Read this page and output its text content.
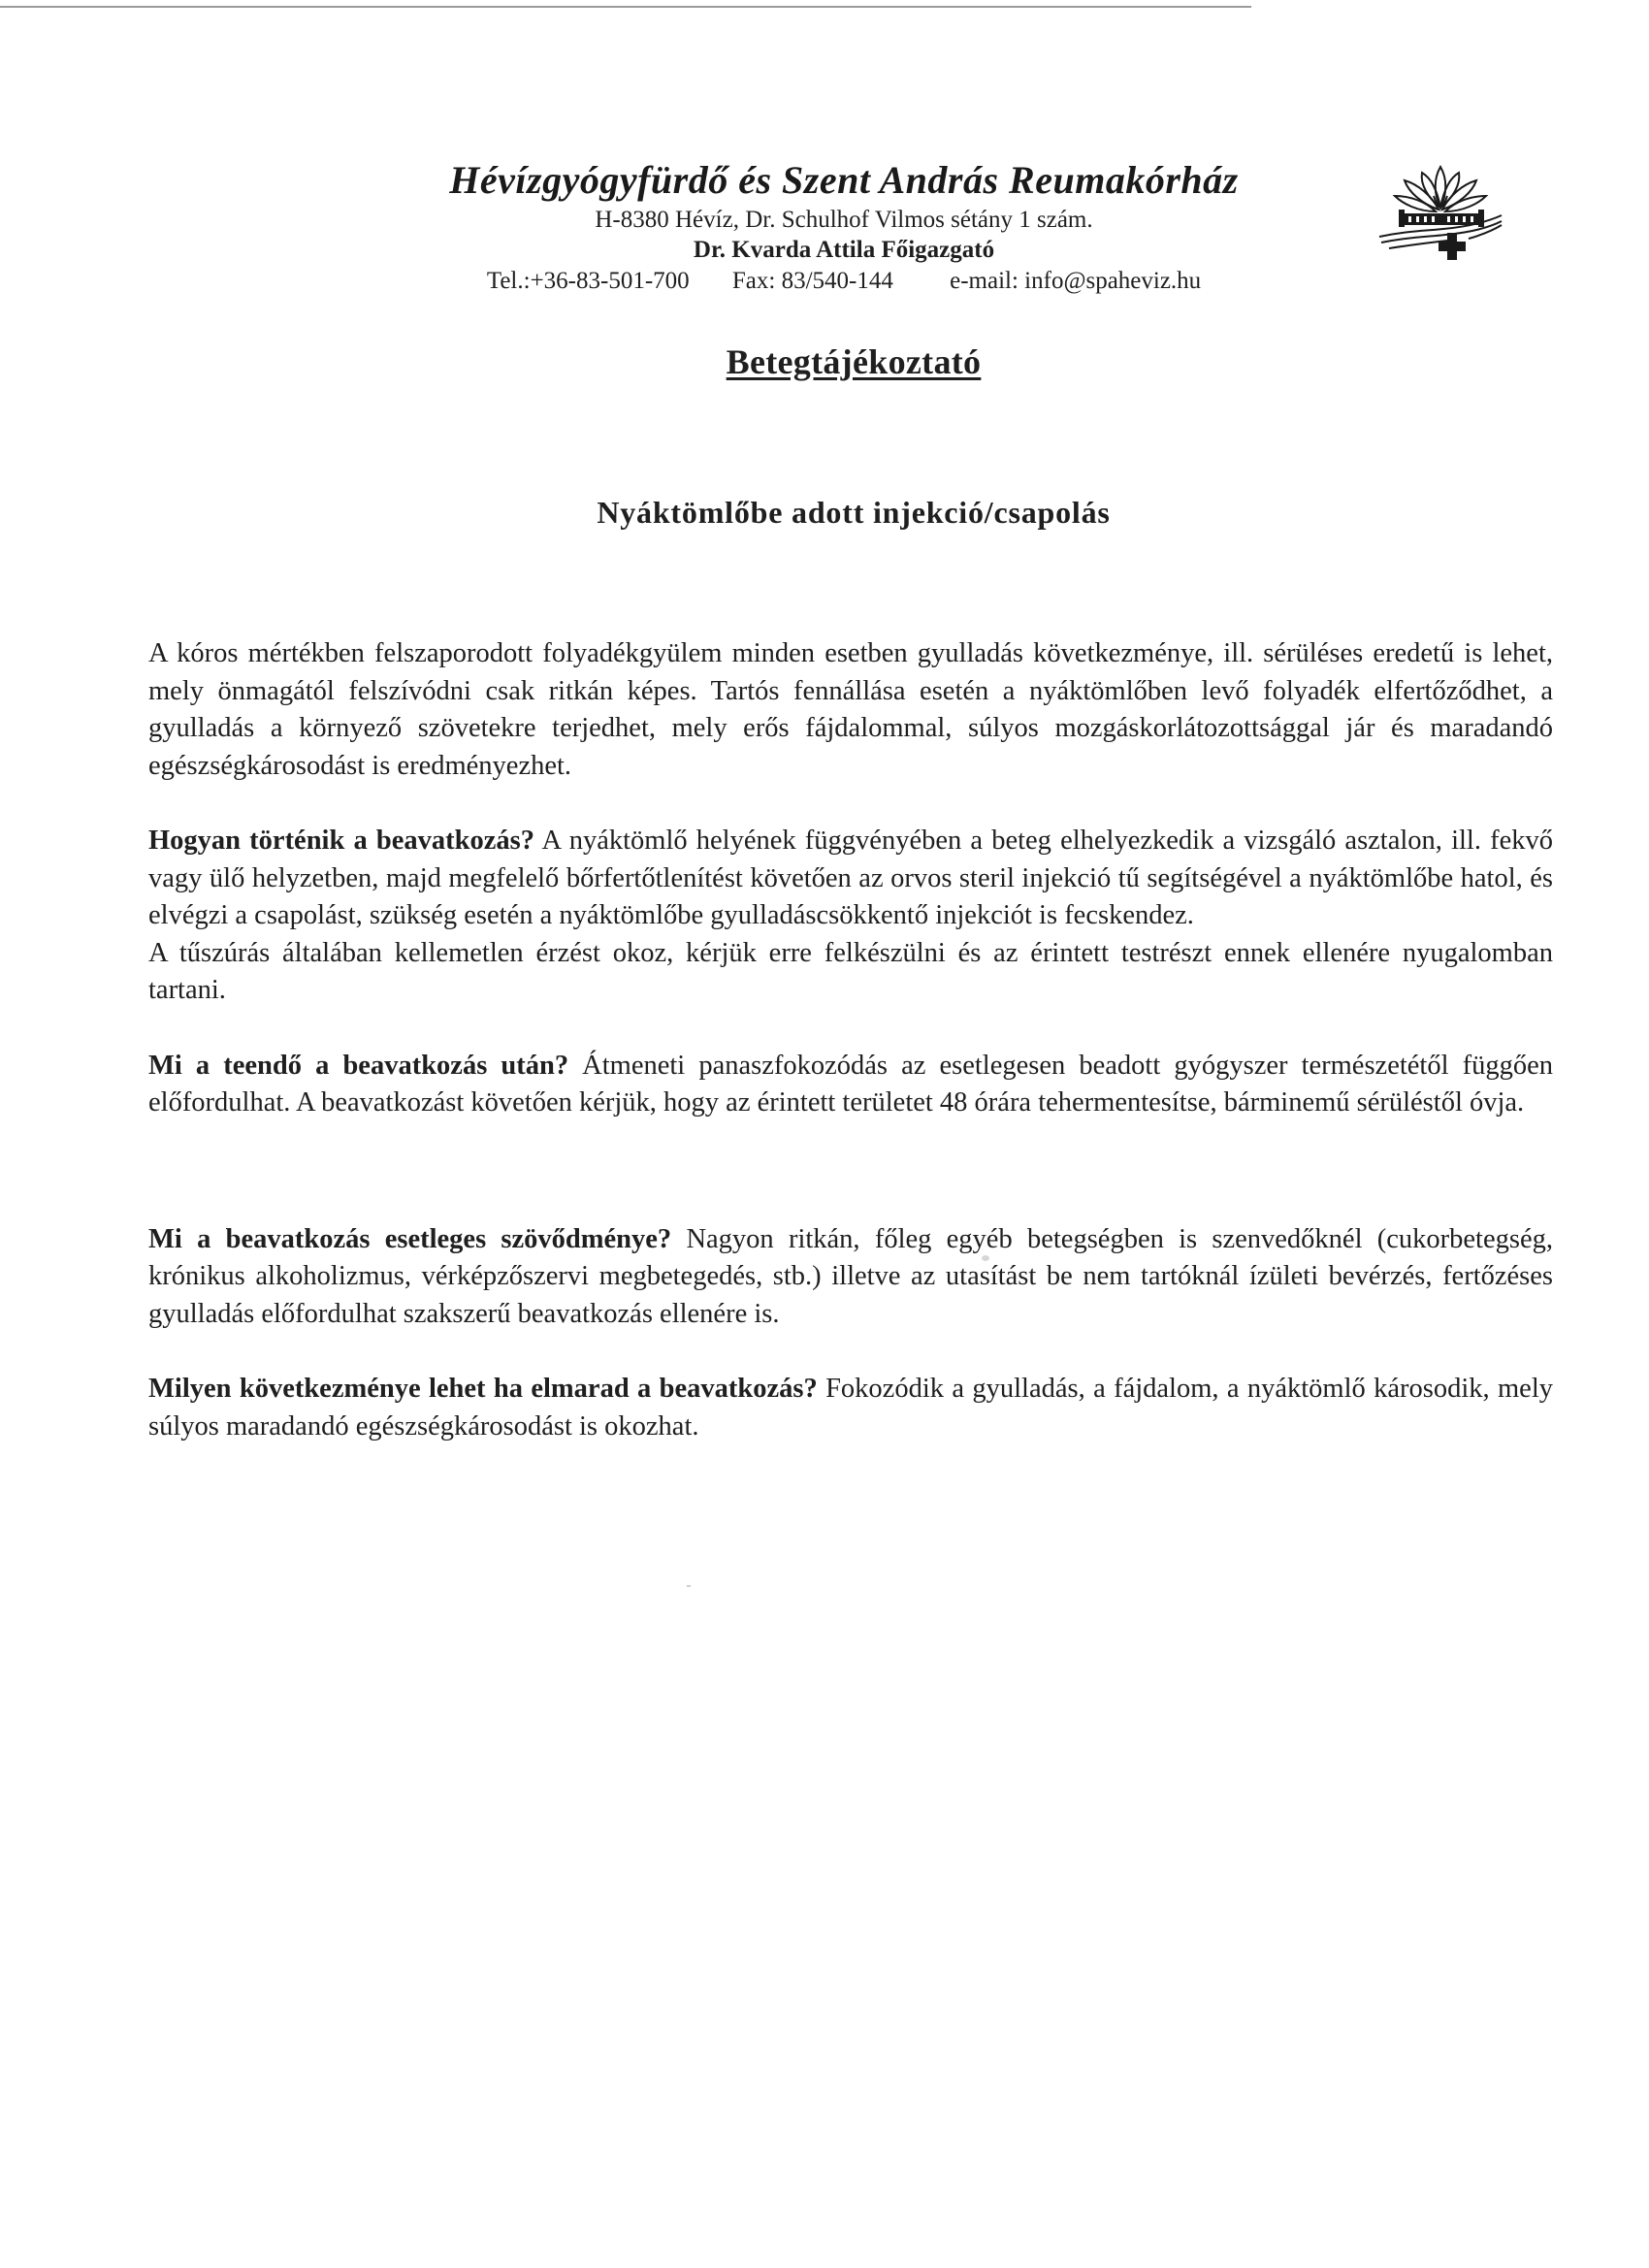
Hévízgyógyfürdő és Szent András Reumakórház
H-8380 Hévíz, Dr. Schulhof Vilmos sétány 1 szám.
Dr. Kvarda Attila Főigazgató
Tel.:+36-83-501-700 Fax: 83/540-144 e-mail: info@spaheviz.hu
Betegtájékoztató
Nyáktömlőbe adott injekció/csapolás

A kóros mértékben felszaporodott folyadékgyülem minden esetben gyulladás következménye, ill. sérüléses eredetű is lehet, mely önmagától felszívódni csak ritkán képes. Tartós fennállása esetén a nyáktömlőben levő folyadék elfertőződhet, a gyulladás a környező szövetekre terjedhet, mely erős fájdalommal, súlyos mozgáskorlátozottsággal jár és maradandó egészségkárosodást is eredményezhet.

Hogyan történik a beavatkozás? A nyáktömlő helyének függvényében a beteg elhelyezkedik a vizsgáló asztalon, ill. fekvő vagy ülő helyzetben, majd megfelelő bőrfertőtlenítést követően az orvos steril injekció tű segítségével a nyáktömlőbe hatol, és elvégzi a csapolást, szükség esetén a nyáktömlőbe gyulladáscsökkentő injekciót is fecskendez.

A tűszúrás általában kellemetlen érzést okoz, kérjük erre felkészülni és az érintett testrészt ennek ellenére nyugalomban tartani.

Mi a teendő a beavatkozás után? Átmeneti panaszfokozódás az esetlegesen beadott gyógyszer természetétől függően előfordulhat. A beavatkozást követően kérjük, hogy az érintett területet 48 órára tehermentesítse, bárminemű sérüléstől óvja.

Mi a beavatkozás esetleges szövődménye? Nagyon ritkán, főleg egyéb betegségben is szenvedőknél (cukorbetegség, krónikus alkoholizmus, vérképzőszervi megbetegedés, stb.) illetve az utasítást be nem tartóknál ízületi bevérzés, fertőzéses gyulladás előfordulhat szakszerű beavatkozás ellenére is.

Milyen következménye lehet ha elmarad a beavatkozás? Fokozódik a gyulladás, a fájdalom, a nyáktömlő károsodik, mely súlyos maradandó egészségkárosodást is okozhat.
